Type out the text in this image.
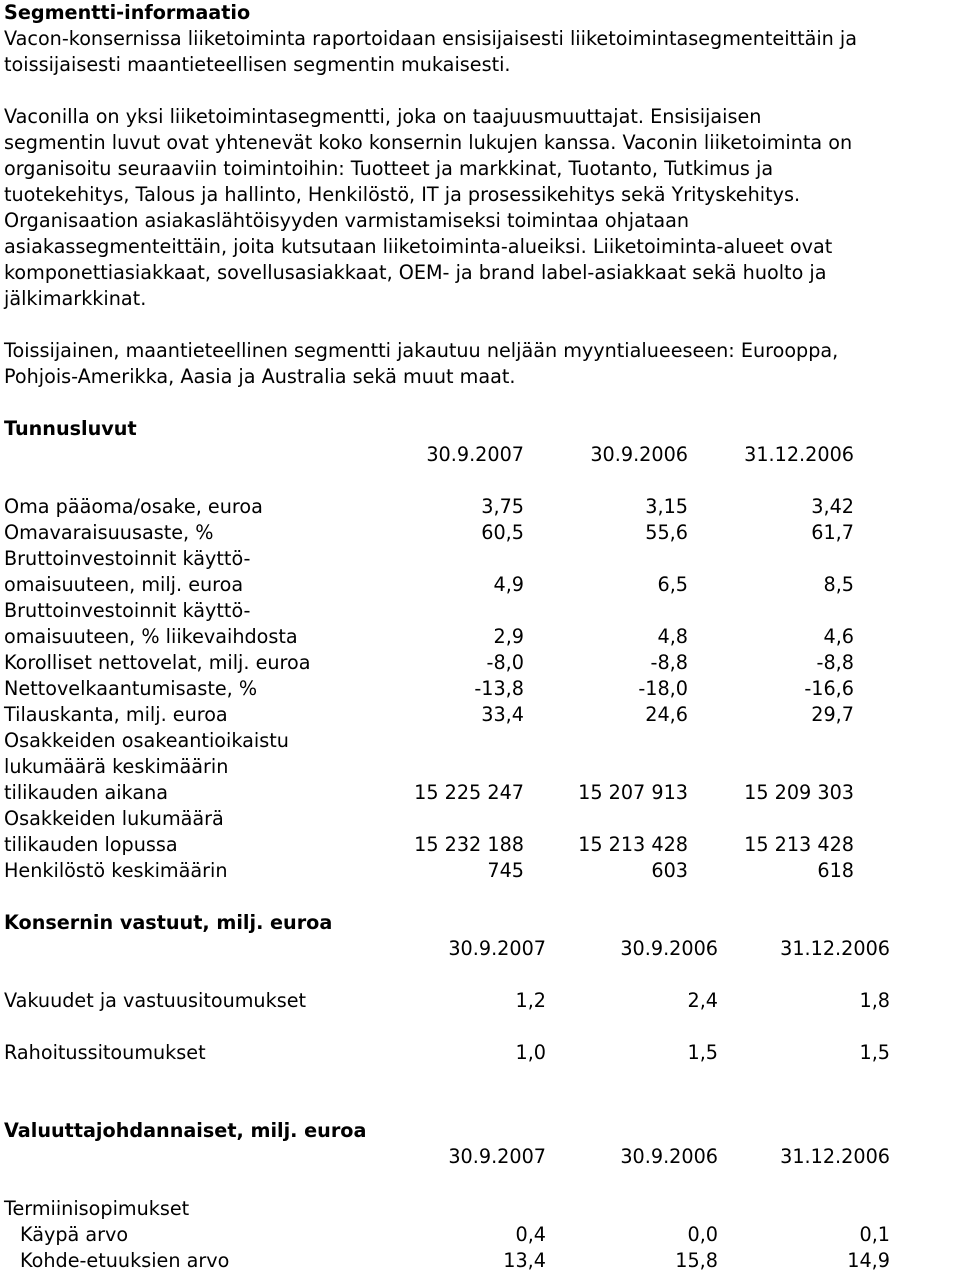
Segmentti-informaatio
Vacon-konsernissa liiketoiminta raportoidaan ensisijaisesti liiketoimintasegmenteittäin ja
toissijaisesti maantieteellisen segmentin mukaisesti.
Vaconilla on yksi liiketoimintasegmentti, joka on taajuusmuuttajat. Ensisijaisen
segmentin luvut ovat yhtenevät koko konsernin lukujen kanssa. Vaconin liiketoiminta on
organisoitu seuraaviin toimintoihin: Tuotteet ja markkinat, Tuotanto, Tutkimus ja
tuotekehitys, Talous ja hallinto, Henkilöstö, IT ja prosessikehitys sekä Yrityskehitys.
Organisaation asiakaslähtöisyyden varmistamiseksi toimintaa ohjataan
asiakassegmenteittäin, joita kutsutaan liiketoiminta-alueiksi. Liiketoiminta-alueet ovat
komponettiasiakkaat, sovellusasiakkaat, OEM- ja brand label-asiakkaat sekä huolto ja
jälkimarkkinat.
Toissijainen, maantieteellinen segmentti jakautuu neljään myyntialueeseen: Eurooppa,
Pohjois-Amerikka, Aasia ja Australia sekä muut maat.
Tunnusluvut
30.9.2007	30.9.2006	31.12.2006
Oma pääoma/osake, euroa	3,75	3,15	3,42
Omavaraisuusaste, %	60,5	55,6	61,7
Bruttoinvestoinnit käyttö-
omaisuuteen, milj. euroa	4,9	6,5	8,5
Bruttoinvestoinnit käyttö-
omaisuuteen, % liikevaihdosta	2,9	4,8	4,6
Korolliset nettovelat, milj. euroa	-8,0	-8,8	-8,8
Nettovelkaantumisaste, %	-13,8	-18,0	-16,6
Tilauskanta, milj. euroa	33,4	24,6	29,7
Osakkeiden osakeantioikaistu
lukumäärä keskimäärin
tilikauden aikana	15 225 247	15 207 913	15 209 303
Osakkeiden lukumäärä
tilikauden lopussa	15 232 188	15 213 428	15 213 428
Henkilöstö keskimäärin	745	603	618
Konsernin vastuut, milj. euroa
30.9.2007	30.9.2006	31.12.2006
Vakuudet ja vastuusitoumukset	1,2	2,4	1,8
Rahoitussitoumukset	1,0	1,5	1,5
Valuuttajohdannaiset, milj. euroa
30.9.2007	30.9.2006	31.12.2006
Termiinisopimukset
Käypä arvo	0,4	0,0	0,1
Kohde-etuuksien arvo	13,4	15,8	14,9
